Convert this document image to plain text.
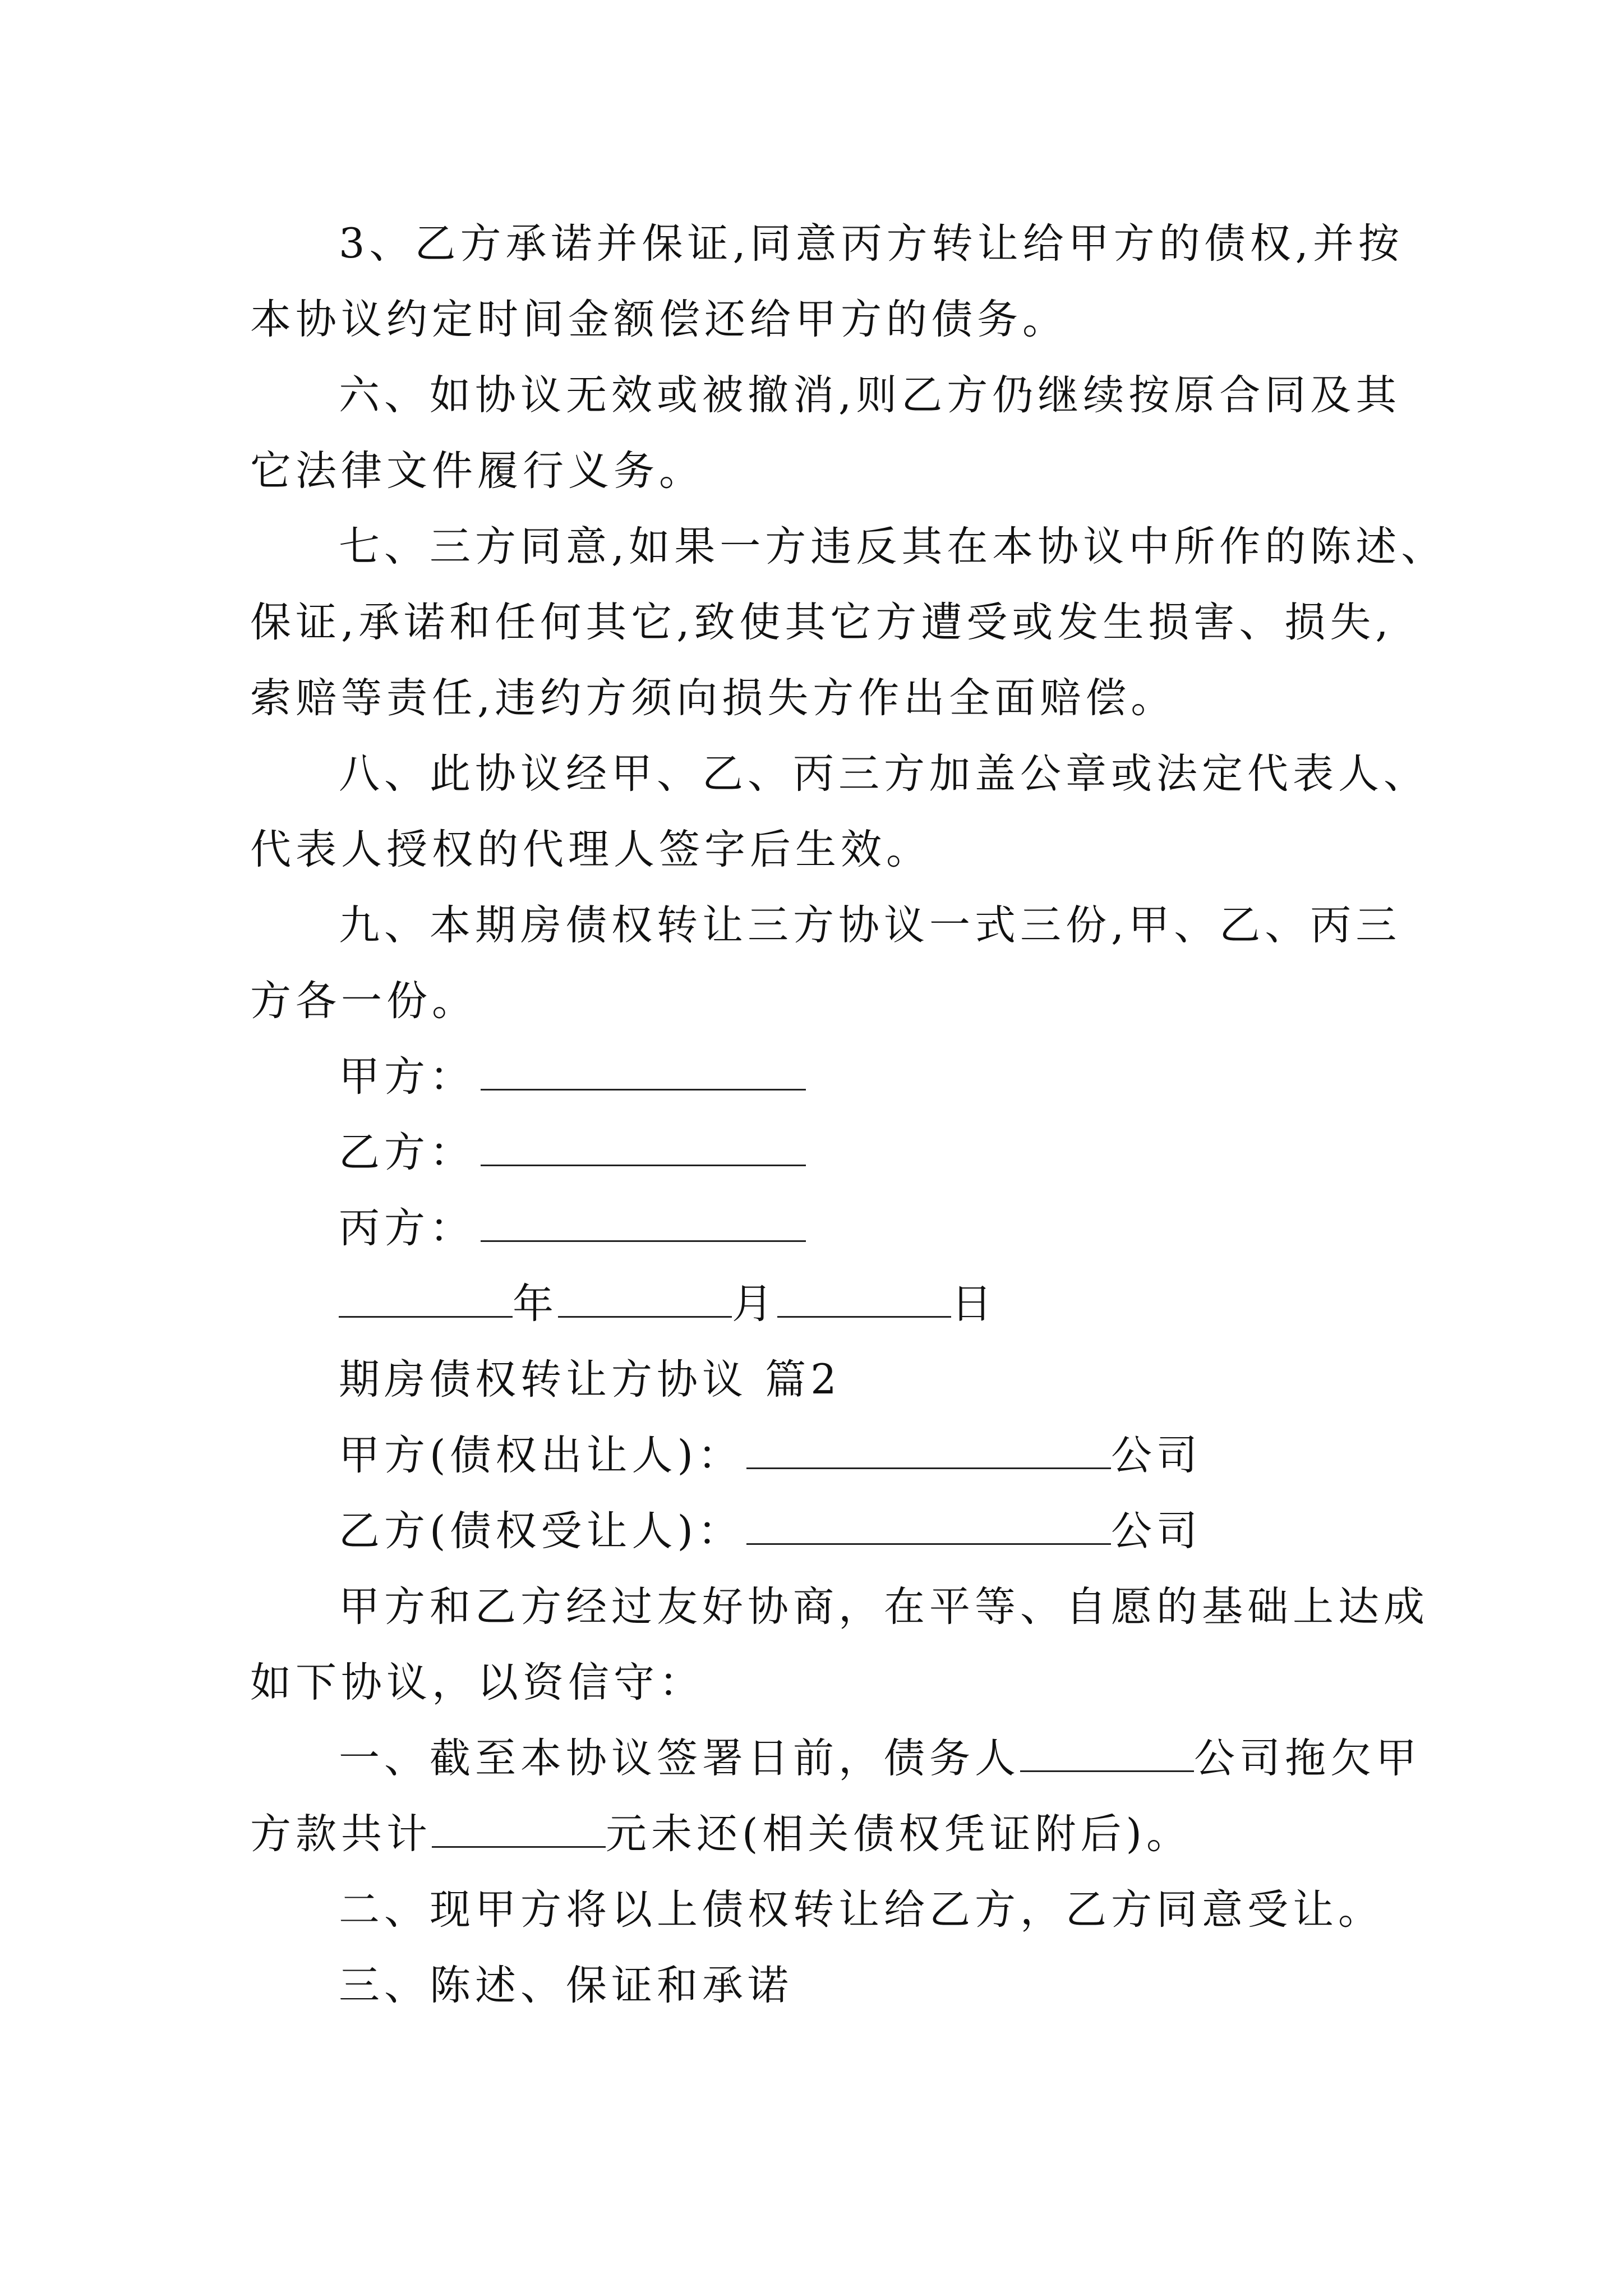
3、乙方承诺并保证,同意丙方转让给甲方的债权,并按
本协议约定时间金额偿还给甲方的债务。
六、如协议无效或被撤消,则乙方仍继续按原合同及其
它法律文件履行义务。
七、三方同意,如果一方违反其在本协议中所作的陈述、
保证,承诺和任何其它,致使其它方遭受或发生损害、损失,
索赔等责任,违约方须向损失方作出全面赔偿。
八、此协议经甲、乙、丙三方加盖公章或法定代表人、
代表人授权的代理人签字后生效。
九、本期房债权转让三方协议一式三份,甲、乙、丙三
方各一份。
甲方：
乙方：
丙方：
年	月	日
期房债权转让方协议 篇2
甲方(债权出让人)：	公司
乙方(债权受让人)：	公司
甲方和乙方经过友好协商，在平等、自愿的基础上达成
如下协议，以资信守：
一、截至本协议签署日前，债务人	公司拖欠甲
方款共计	元未还(相关债权凭证附后)。
二、现甲方将以上债权转让给乙方，乙方同意受让。
三、陈述、保证和承诺
